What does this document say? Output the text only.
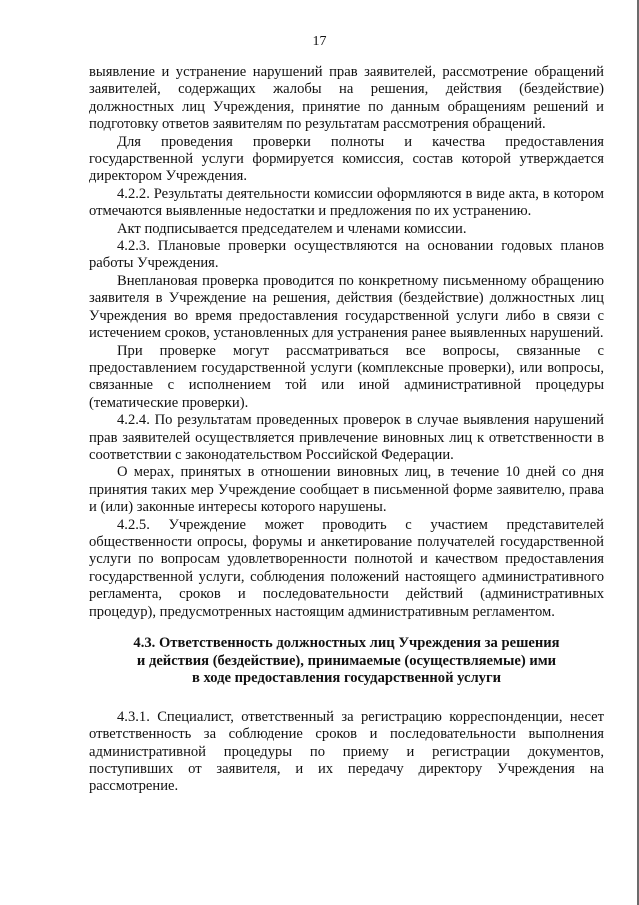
17

выявление и устранение нарушений прав заявителей, рассмотрение обращений заявителей, содержащих жалобы на решения, действия (бездействие) должностных лиц Учреждения, принятие по данным обращениям решений и подготовку ответов заявителям по результатам рассмотрения обращений.

Для проведения проверки полноты и качества предоставления государственной услуги формируется комиссия, состав которой утверждается директором Учреждения.

4.2.2. Результаты деятельности комиссии оформляются в виде акта, в котором отмечаются выявленные недостатки и предложения по их устранению.

Акт подписывается председателем и членами комиссии.

4.2.3. Плановые проверки осуществляются на основании годовых планов работы Учреждения.

Внеплановая проверка проводится по конкретному письменному обращению заявителя в Учреждение на решения, действия (бездействие) должностных лиц Учреждения во время предоставления государственной услуги либо в связи с истечением сроков, установленных для устранения ранее выявленных нарушений.

При проверке могут рассматриваться все вопросы, связанные с предоставлением государственной услуги (комплексные проверки), или вопросы, связанные с исполнением той или иной административной процедуры (тематические проверки).

4.2.4. По результатам проведенных проверок в случае выявления нарушений прав заявителей осуществляется привлечение виновных лиц к ответственности в соответствии с законодательством Российской Федерации.

О мерах, принятых в отношении виновных лиц, в течение 10 дней со дня принятия таких мер Учреждение сообщает в письменной форме заявителю, права и (или) законные интересы которого нарушены.

4.2.5. Учреждение может проводить с участием представителей общественности опросы, форумы и анкетирование получателей государственной услуги по вопросам удовлетворенности полнотой и качеством предоставления государственной услуги, соблюдения положений настоящего административного регламента, сроков и последовательности действий (административных процедур), предусмотренных настоящим административным регламентом.

4.3. Ответственность должностных лиц Учреждения за решения
и действия (бездействие), принимаемые (осуществляемые) ими
в ходе предоставления государственной услуги

4.3.1. Специалист, ответственный за регистрацию корреспонденции, несет ответственность за соблюдение сроков и последовательности выполнения административной процедуры по приему и регистрации документов, поступивших от заявителя, и их передачу директору Учреждения на рассмотрение.
